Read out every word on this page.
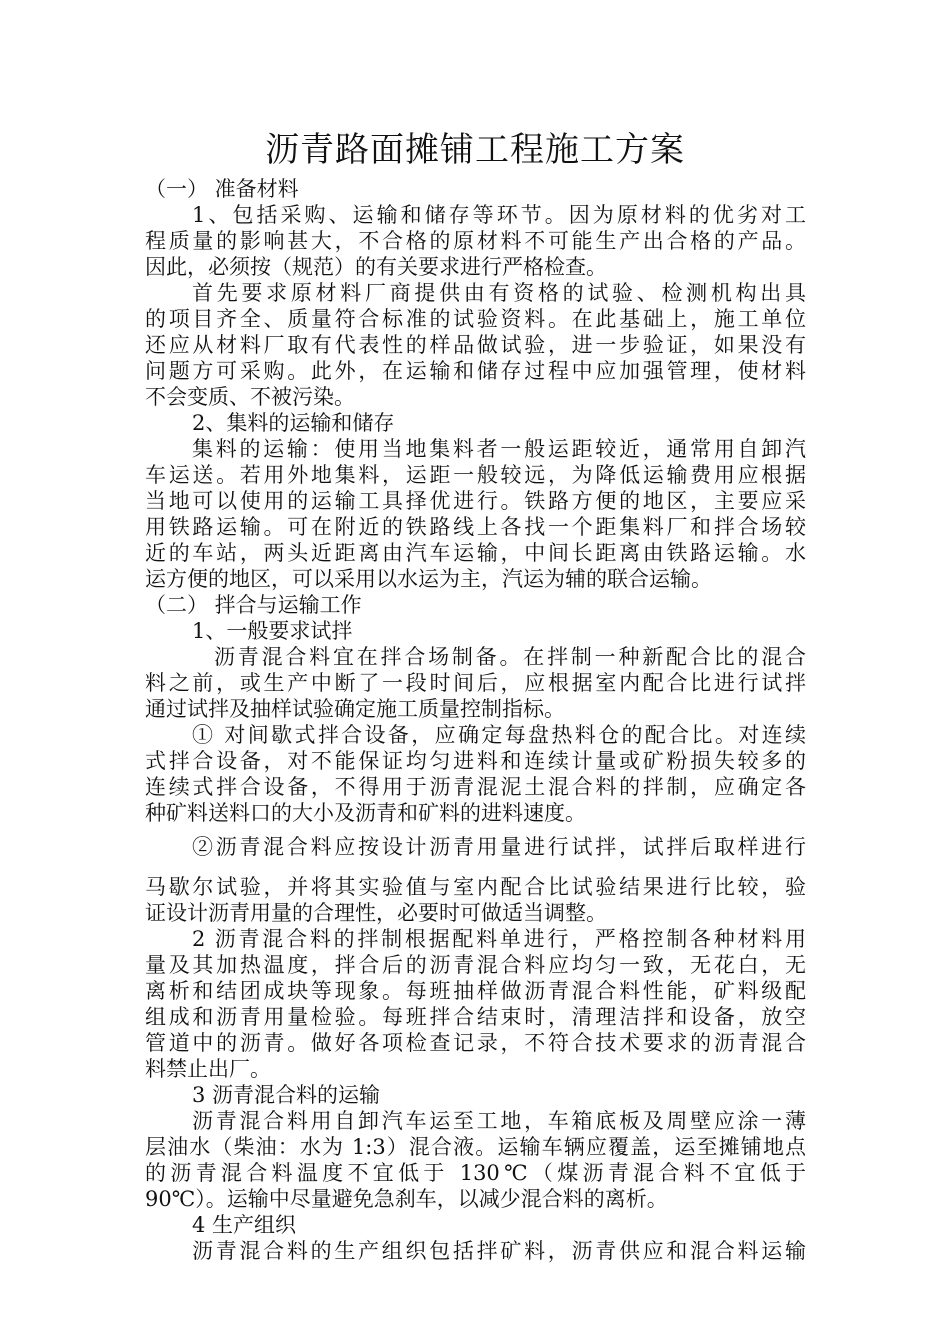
沥青路面摊铺工程施工方案
（一） 准备材料
1、包括采购、运输和储存等环节。因为原材料的优劣对工
程质量的影响甚大，不合格的原材料不可能生产出合格的产品。
因此，必须按（规范）的有关要求进行严格检查。
首先要求原材料厂商提供由有资格的试验、检测机构出具
的项目齐全、质量符合标准的试验资料。在此基础上，施工单位
还应从材料厂取有代表性的样品做试验，进一步验证，如果没有
问题方可采购。此外，在运输和储存过程中应加强管理，使材料
不会变质、不被污染。
2、集料的运输和储存
集料的运输：使用当地集料者一般运距较近，通常用自卸汽
车运送。若用外地集料，运距一般较远，为降低运输费用应根据
当地可以使用的运输工具择优进行。铁路方便的地区，主要应采
用铁路运输。可在附近的铁路线上各找一个距集料厂和拌合场较
近的车站，两头近距离由汽车运输，中间长距离由铁路运输。水
运方便的地区，可以采用以水运为主，汽运为辅的联合运输。
（二） 拌合与运输工作
1、一般要求试拌
沥青混合料宜在拌合场制备。在拌制一种新配合比的混合
料之前，或生产中断了一段时间后，应根据室内配合比进行试拌
通过试拌及抽样试验确定施工质量控制指标。
① 对间歇式拌合设备，应确定每盘热料仓的配合比。对连续
式拌合设备，对不能保证均匀进料和连续计量或矿粉损失较多的
连续式拌合设备，不得用于沥青混泥土混合料的拌制，应确定各
种矿料送料口的大小及沥青和矿料的进料速度。
②沥青混合料应按设计沥青用量进行试拌，试拌后取样进行
马歇尔试验，并将其实验值与室内配合比试验结果进行比较，验
证设计沥青用量的合理性，必要时可做适当调整。
2 沥青混合料的拌制根据配料单进行，严格控制各种材料用
量及其加热温度，拌合后的沥青混合料应均匀一致，无花白，无
离析和结团成块等现象。每班抽样做沥青混合料性能，矿料级配
组成和沥青用量检验。每班拌合结束时，清理洁拌和设备，放空
管道中的沥青。做好各项检查记录，不符合技术要求的沥青混合
料禁止出厂。
3 沥青混合料的运输
沥青混合料用自卸汽车运至工地，车箱底板及周壁应涂一薄
层油水（柴油：水为 1:3）混合液。运输车辆应覆盖，运至摊铺地点
的沥青混合料温度不宜低于 130℃（煤沥青混合料不宜低于
90℃）。运输中尽量避免急刹车，以减少混合料的离析。
4 生产组织
沥青混合料的生产组织包括拌矿料，沥青供应和混合料运输
